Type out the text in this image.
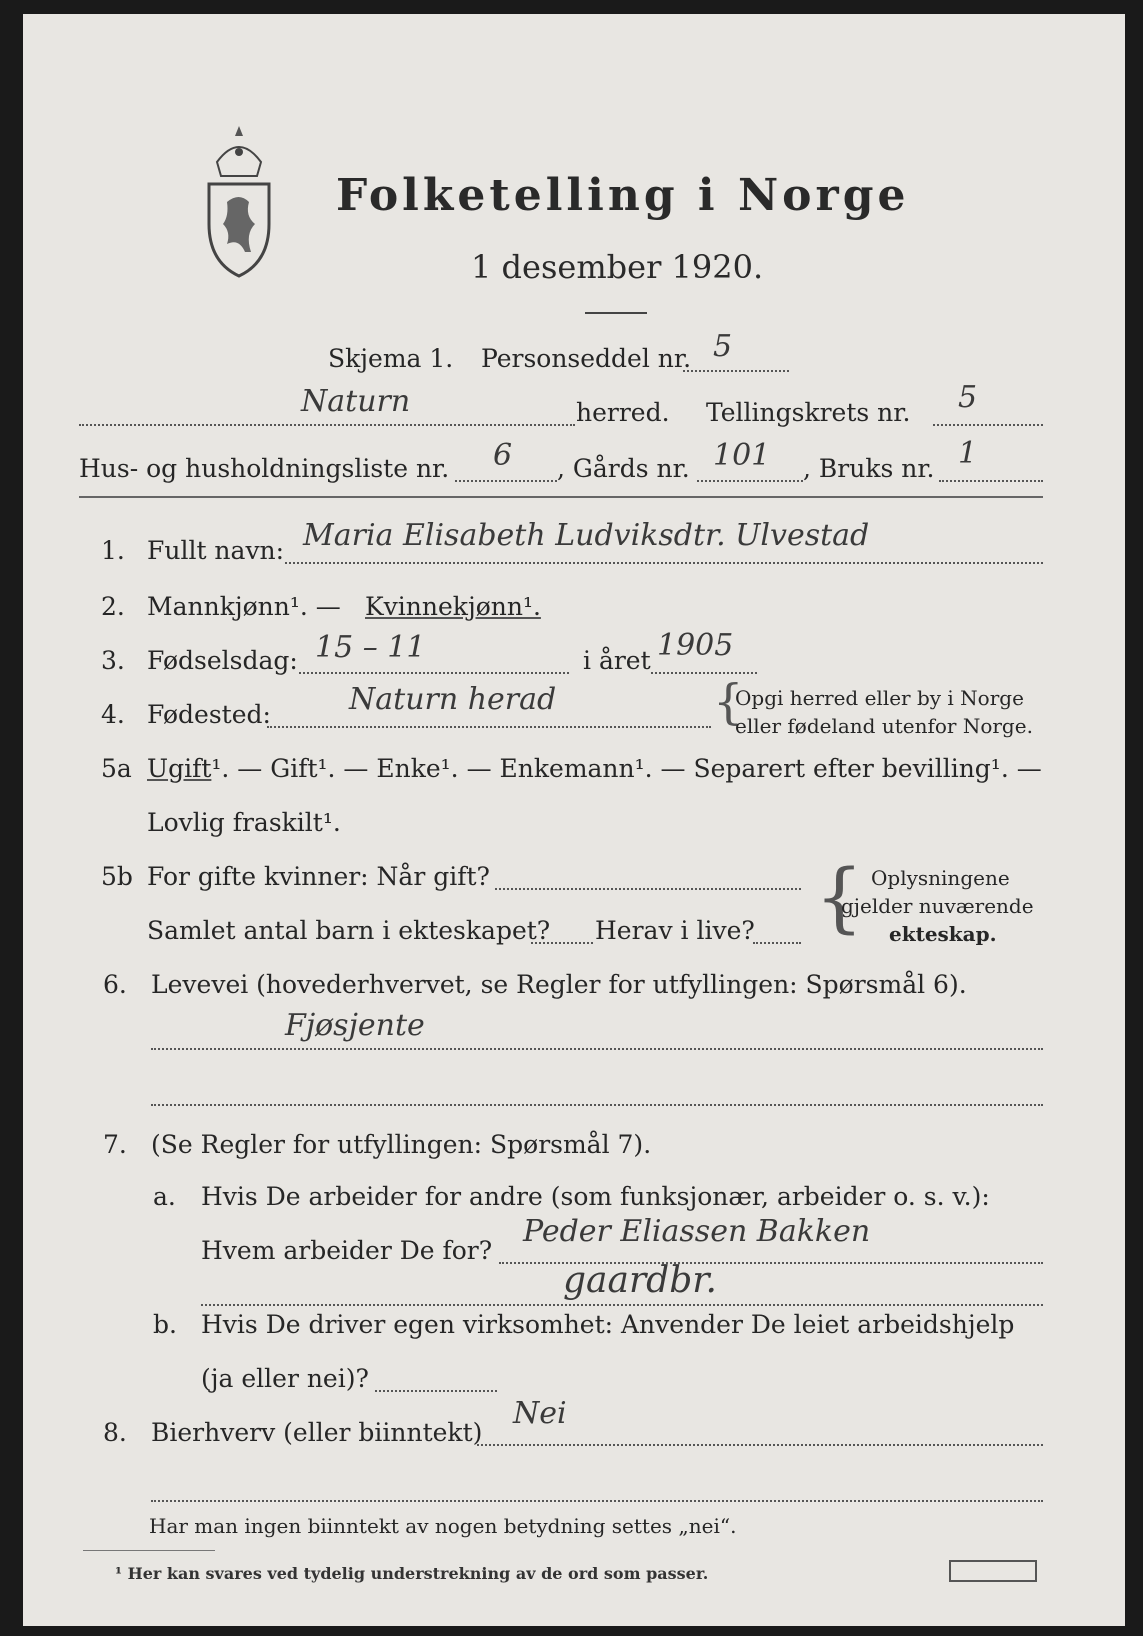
Folketelling i Norge
1 desember 1920.
Skjema 1. Personseddel nr. 5
Naturn	herred. Tellingskrets nr. 5
Hus- og husholdningsliste nr. 6 , Gårds nr. 101 , Bruks nr. 1
1. Fullt navn: Maria Elisabeth Ludviksdtr. Ulvestad
2. Mannkjønn¹. — Kvinnekjønn¹.
3. Fødselsdag: 15 – 11	i året 1905
4. Fødested:	Naturn herad	{
Opgi herred eller by i Norge
eller fødeland utenfor Norge.
5a Ugift¹. — Gift¹. — Enke¹. — Enkemann¹. — Separert efter bevilling¹. —
Lovlig fraskilt¹.
5b For gifte kvinner: Når gift?
Samlet antal barn i ekteskapet? Herav i live? { Oplysningene
gjelder nuværende
ekteskap.
6. Levevei (hovederhvervet, se Regler for utfyllingen: Spørsmål 6).
Fjøsjente
7. (Se Regler for utfyllingen: Spørsmål 7).
a. Hvis De arbeider for andre (som funksjonær, arbeider o. s. v.):
Hvem arbeider De for?
Peder Eliassen Bakken
gaardbr.
b. Hvis De driver egen virksomhet: Anvender De leiet arbeidshjelp
(ja eller nei)?
8. Bierhverv (eller biinntekt)
Nei
Har man ingen biinntekt av nogen betydning settes „nei“.
¹ Her kan svares ved tydelig understrekning av de ord som passer.
